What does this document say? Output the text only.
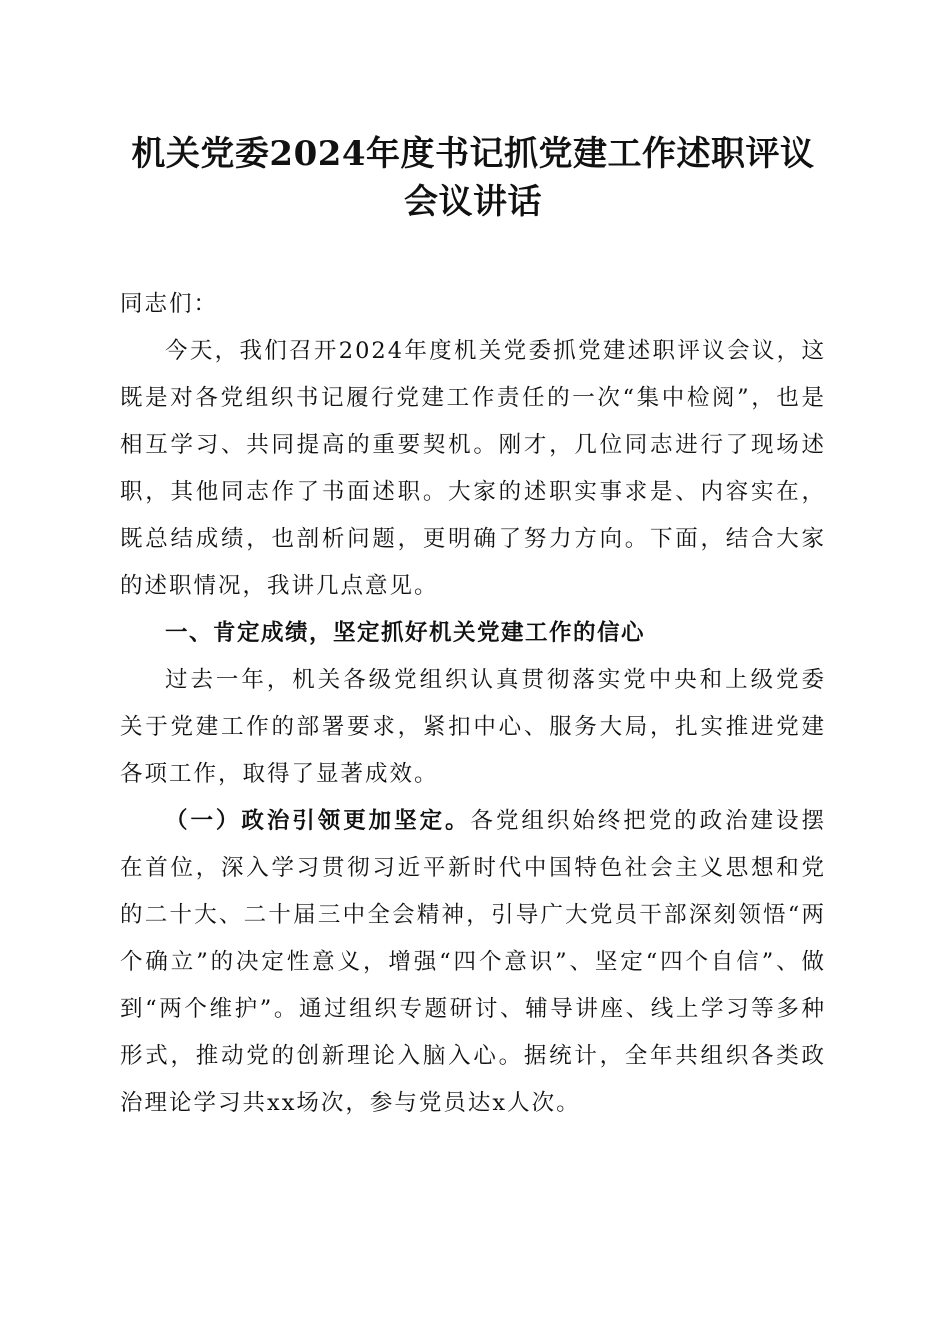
机关党委2024年度书记抓党建工作述职评议
会议讲话

同志们：

今天，我们召开2024年度机关党委抓党建述职评议会议，这既是对各党组织书记履行党建工作责任的一次“集中检阅”，也是相互学习、共同提高的重要契机。刚才，几位同志进行了现场述职，其他同志作了书面述职。大家的述职实事求是、内容实在，既总结成绩，也剖析问题，更明确了努力方向。下面，结合大家的述职情况，我讲几点意见。

一、肯定成绩，坚定抓好机关党建工作的信心

过去一年，机关各级党组织认真贯彻落实党中央和上级党委关于党建工作的部署要求，紧扣中心、服务大局，扎实推进党建各项工作，取得了显著成效。

（一）政治引领更加坚定。各党组织始终把党的政治建设摆在首位，深入学习贯彻习近平新时代中国特色社会主义思想和党的二十大、二十届三中全会精神，引导广大党员干部深刻领悟“两个确立”的决定性意义，增强“四个意识”、坚定“四个自信”、做到“两个维护”。通过组织专题研讨、辅导讲座、线上学习等多种形式，推动党的创新理论入脑入心。据统计，全年共组织各类政治理论学习共xx场次，参与党员达x人次。
